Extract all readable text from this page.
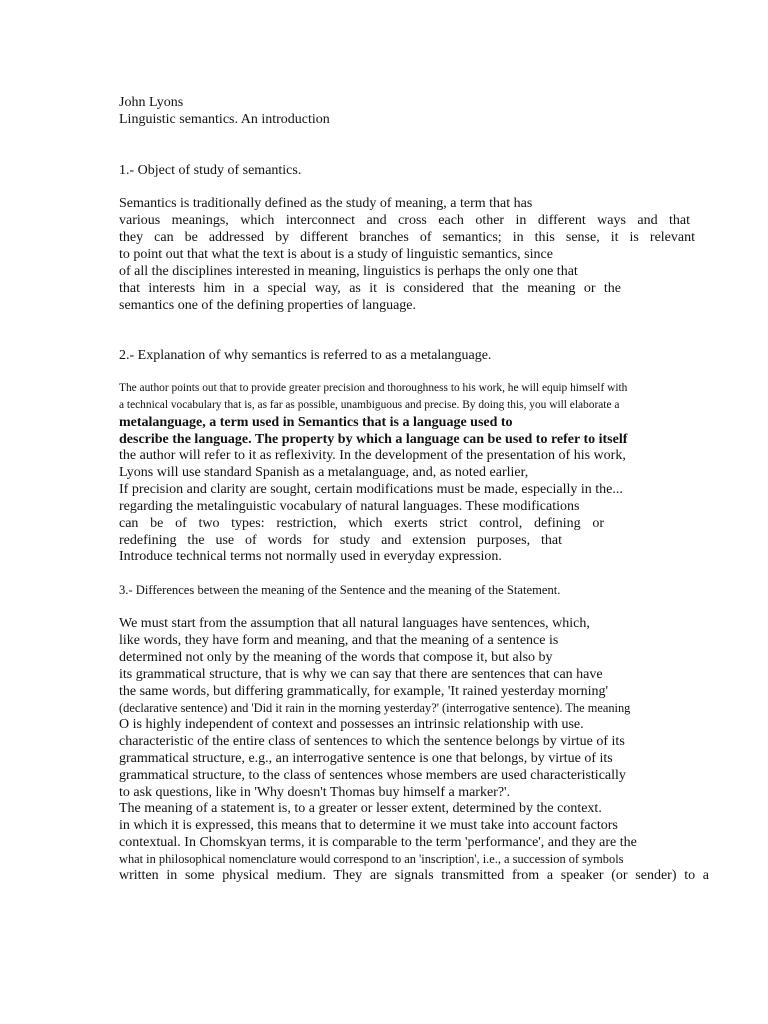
John Lyons

Linguistic semantics. An introduction

1.- Object of study of semantics.

Semantics is traditionally defined as the study of meaning, a term that has

various meanings, which interconnect and cross each other in different ways and that

they can be addressed by different branches of semantics; in this sense, it is relevant

to point out that what the text is about is a study of linguistic semantics, since

of all the disciplines interested in meaning, linguistics is perhaps the only one that

that interests him in a special way, as it is considered that the meaning or the

semantics one of the defining properties of language.

2.- Explanation of why semantics is referred to as a metalanguage.

The author points out that to provide greater precision and thoroughness to his work, he will equip himself with

a technical vocabulary that is, as far as possible, unambiguous and precise. By doing this, you will elaborate a

metalanguage, a term used in Semantics that is a language used to

describe the language. The property by which a language can be used to refer to itself

the author will refer to it as reflexivity. In the development of the presentation of his work,

Lyons will use standard Spanish as a metalanguage, and, as noted earlier,

If precision and clarity are sought, certain modifications must be made, especially in the...

regarding the metalinguistic vocabulary of natural languages. These modifications

can be of two types: restriction, which exerts strict control, defining or

redefining the use of words for study and extension purposes, that

Introduce technical terms not normally used in everyday expression.

3.- Differences between the meaning of the Sentence and the meaning of the Statement.

We must start from the assumption that all natural languages have sentences, which,

like words, they have form and meaning, and that the meaning of a sentence is

determined not only by the meaning of the words that compose it, but also by

its grammatical structure, that is why we can say that there are sentences that can have

the same words, but differing grammatically, for example, 'It rained yesterday morning'

(declarative sentence) and 'Did it rain in the morning yesterday?' (interrogative sentence). The meaning

O is highly independent of context and possesses an intrinsic relationship with use.

characteristic of the entire class of sentences to which the sentence belongs by virtue of its

grammatical structure, e.g., an interrogative sentence is one that belongs, by virtue of its

grammatical structure, to the class of sentences whose members are used characteristically

to ask questions, like in 'Why doesn't Thomas buy himself a marker?'.

The meaning of a statement is, to a greater or lesser extent, determined by the context.

in which it is expressed, this means that to determine it we must take into account factors

contextual. In Chomskyan terms, it is comparable to the term 'performance', and they are the

what in philosophical nomenclature would correspond to an 'inscription', i.e., a succession of symbols

written in some physical medium. They are signals transmitted from a speaker (or sender) to a
